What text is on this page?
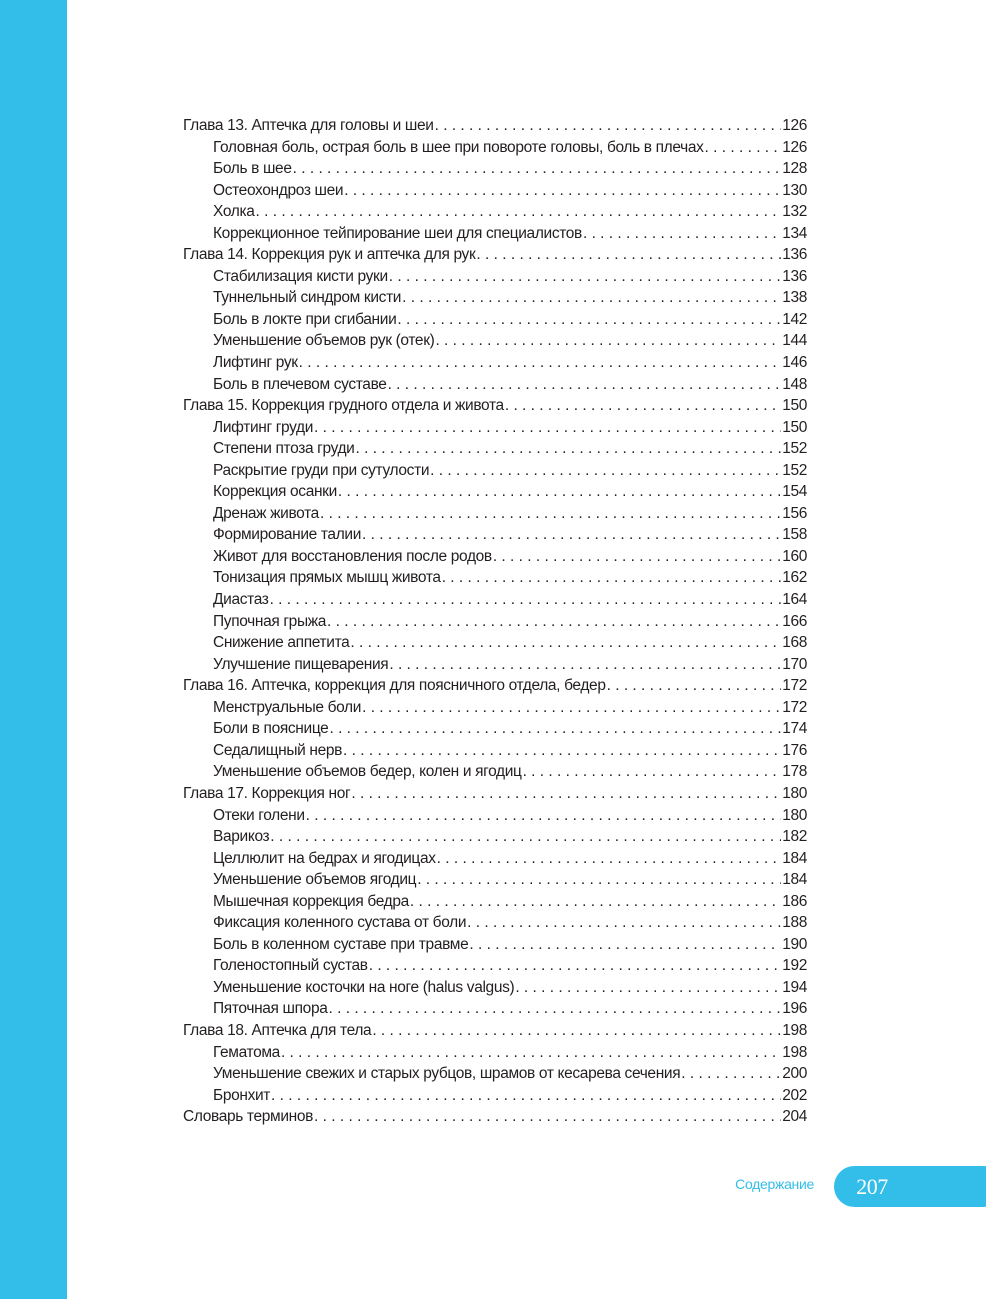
Глава 13. Аптечка для головы и шеи . . .	126
Головная боль, острая боль в шее при повороте головы, боль в плечах . . .	126
Боль в шее . . .	128
Остеохондроз шеи . . .	130
Холка . . .	132
Коррекционное тейпирование шеи для специалистов . . .	134
Глава 14. Коррекция рук и аптечка для рук . . .	136
Стабилизация кисти руки . . .	136
Туннельный синдром кисти . . .	138
Боль в локте при сгибании . . .	142
Уменьшение объемов рук (отек) . . .	144
Лифтинг рук . . .	146
Боль в плечевом суставе . . .	148
Глава 15. Коррекция грудного отдела и живота . . .	150
Лифтинг груди . . .	150
Степени птоза груди . . .	152
Раскрытие груди при сутулости . . .	152
Коррекция осанки . . .	154
Дренаж живота . . .	156
Формирование талии . . .	158
Живот для восстановления после родов . . .	160
Тонизация прямых мышц живота . . .	162
Диастаз . . .	164
Пупочная грыжа . . .	166
Снижение аппетита . . .	168
Улучшение пищеварения . . .	170
Глава 16. Аптечка, коррекция для поясничного отдела, бедер . . .	172
Менструальные боли . . .	172
Боли в пояснице . . .	174
Седалищный нерв . . .	176
Уменьшение объемов бедер, колен и ягодиц . . .	178
Глава 17. Коррекция ног . . .	180
Отеки голени . . .	180
Варикоз . . .	182
Целлюлит на бедрах и ягодицах . . .	184
Уменьшение объемов ягодиц . . .	184
Мышечная коррекция бедра . . .	186
Фиксация коленного сустава от боли . . .	188
Боль в коленном суставе при травме . . .	190
Голеностопный сустав . . .	192
Уменьшение косточки на ноге (halus valgus) . . .	194
Пяточная шпора . . .	196
Глава 18. Аптечка для тела . . .	198
Гематома . . .	198
Уменьшение свежих и старых рубцов, шрамов от кесарева сечения . . .	200
Бронхит . . .	202
Словарь терминов . . .	204
Содержание	207
